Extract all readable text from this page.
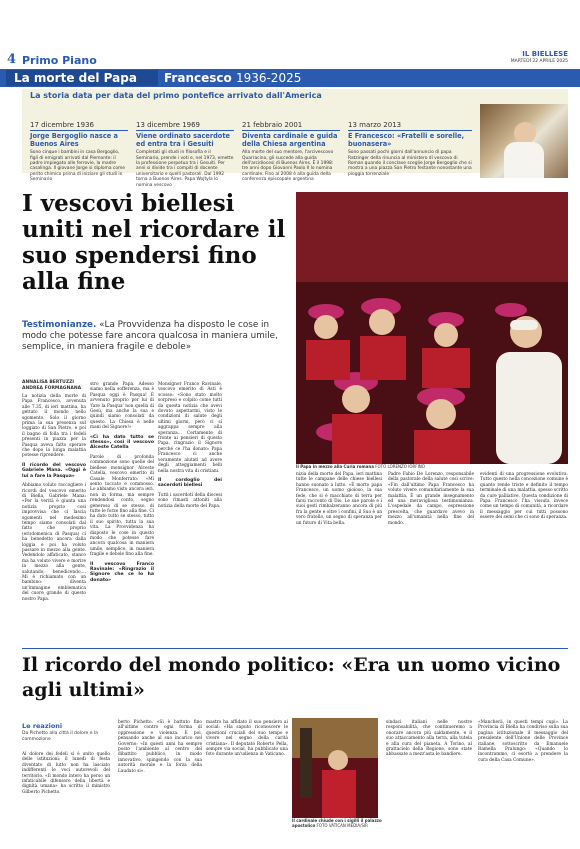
4 Primo Piano	IL BIELLESE
MARTEDÌ 22 APRILE 2025
La morte del Papa	Francesco 1936-2025
La storia data per data del primo pontefice arrivato dall'America
17 dicembre 1936
Jorge Bergoglio nasce a Buenos Aires
Sono cinque i bambini in casa Bergoglio, figli di emigrati arrivati dal Piemonte: il padre impiegato alle ferrovie, la madre casalinga. Il giovane Jorge si diploma come perito chimico prima di iniziare gli studi in Seminario
13 dicembre 1969
Viene ordinato sacerdote ed entra tra i Gesuiti
Completati gli studi in filosofia e il Seminario, prende i voti e, nel 1973, emette la professione perpetua tra i Gesuiti. Per anni si divide tra i compiti di docente universitario e quelli pastorali. Dal 1992 torna a Buenos Aires. Papa Wojtyla lo nomina vescovo
21 febbraio 2001
Diventa cardinale e guida della Chiesa argentina
Alla morte del suo mentore, l'arcivescovo Quarracino, gli succede alla guida dell'arcidiocesi di Buenos Aires. È il 1998: tre anni dopo Giovanni Paolo II lo nomina cardinale. Fino al 2008 è alla guida della conferenza episcopale argentina
13 marzo 2013
È Francesco: «Fratelli e sorelle, buonasera»
Sono passati pochi giorni dall'annuncio di papa Ratzinger della rinuncia al ministero di vescovo di Roman quando il conclave sceglie Jorge Bergoglio che si mostra a una piazza San Pietro festante nonostante una pioggia torrenziale
I vescovi biellesi uniti nel ricordare il suo spendersi fino alla fine
Il Papa in mezzo alla Curia romana FOTO LORENZO IORFINO
Testimonianze. «La Provvidenza ha disposto le cose in modo che potesse fare ancora qualcosa in maniera umile, semplice, in maniera fragile e debole»
ANNALISA BERTUZZI
ANDREA FORMAGNANA
La notizia della morte di Papa Francesco, avvenuta alle 7.35, di ieri mattina, ha gettato il mondo nello sgomento. Solo il giorno prima la sua presenza sul loggiato di San Pietro, e poi il bagno di folla tra i fedeli presenti in piazza per la Pasqua aveva fatto sperare che dopo la lunga malattia potesse riprendere.
Il ricordo del vescovo Gabriele Mana. «Oggi è lui a fare la Pasqua»
Abbiamo voluto raccogliere i ricordi del vescovo emerito di Biella, Gabriele Mana: «Per la verità è giunta una notizia proprio così improvvisa che ci lascia sgomenti nel medesimo tempo siamo consolati dal fatto che proprio (eri)domenica di Pasqua) ci ha benedetto ancora dalla loggia e poi ha voluto passare in mezzo alla gente. Vedendolo affaticato, stanco ma ha voluto vivere e morire in mezzo alla gente, salutando, benedicendo,... Mi è richiamato con un bambino: diventa un'immagine emblematica del cuore grande di questo nostro Papa.
stro grande Papa. Adesso siamo nella sofferenza, ma è Pasqua oggi è Pasqua! È avvenuto proprio per lui di 'fare la Pasqua' non quella di Gesù, ma anche la sua e quindi siamo consolati da questo. La Chiesa è nelle mani del Signore!»
«Ci ha dato tutto se stesso», così il vescovo Alceste Catella
Parole di profonda commozione sono quelle del biellese monsignor Alceste Catella, vescovo emerito di Casale Monferrato: «Mi sento toccato e commosso. Lo abbiamo visto ancora ieri, non in forma, ma sempre rendendosi conto, segno generoso di se stesso, di tutte le forze fino alla fine. Ci ha dato tutto se stesso, tutto il suo spirito, tutta la sua vita. La Provvidenza ha disposto le cose in questo modo che potesse fare ancora qualcosa in maniera umile, semplice, in maniera fragile e debole fino alla fine.
Il vescovo Franco Ravinale: «Ringrazio il Signore che ce lo ha donato»
Monsignor Franco Ravinale, vescovo emerito di Asti è scosso: «Sono stato molto sorpreso e colpito come tutti da questa notizia che avevi dovuto aspettarmi, visto le condizioni di salute degli ultimi giorni, però ci si aggrappa sempre alla speranza... Certamente di fronte ai pensieri di questo Papa, ringrazio il Signore perché ce l'ha donato: Papa Francesco ci anche veramente aiutati ad avere degli atteggiamenti belli nella nostra vita di cristiani.
Il cordoglio dei sacerdoti biellesi
Tutti i sacerdoti della diocesi sono rimasti attoniti alla notizia della morte del Papa.
nizia della morte del Papa, ieri mattina tutte le campane delle chiese biellesi hanno suonato a lutto. «È morto papa Francesco, un uomo gioioso, la sua fede, che si è macchiato di terra per farsi racconto di Dio. Le sue parole e i suoi gesti rimbalzeranno ancora di più fra la gente e oltre i confini, il Suo è un vero fratello, un segno di speranza per un futuro di Vita bella.
Padre Fabio De Lorenzo, responsabile della pastorale della salute così scrive: «Fin dall'ultimo Papa Francesco ha voluto vivere comunitariamente la sua malattia. È un grande insegnamento ed una meravigliosa testimonianza. L'ospedale da campo, espressione prescelta, che guardavo avevo in mezzo all'umanità nella fine del mondo.
evidenti di una progressione evolutiva. Tutto questo nella concezione comune è quanto rende triste e definito il tempo terminale di una malattia, spesso scritto da cure palliative. Questa condizione di Papa Francesco l'ha vissuta invece come un tempo di comunità, a ricordare il messaggio per cui tutti possono essere dei semi che ci sono di speranza.
Il ricordo del mondo politico: «Era un uomo vicino agli ultimi»
Le reazioni
Da Pichetto alla città il dolore e la commozione
Al dolore dei fedeli si è unito quello delle istituzioni: il lunedì di festa diventato di lutto non ha lasciato indifferenti le voci autorevoli del territorio. «Il mondo intero ha perso un infaticabile difensore della libertà e dignità umana» ha scritto il ministro Gilberto Pichetto.
berto Pichetto. «Si è battuto fino all'ultimo contro ogni forma di oppressione e violenza. E poi, pensando anche al suo incarico nel Governo: «In questi anni ha sempre posto l'ambiente al centro del dibattito pubblico, in modo innovativo, spingendo con la sua autorità morale e la forza della Laudato si».
mastro ha affidato il suo pensiero ai social: «Ha saputo riconoscere le questioni cruciali del suo tempo e vivere nel segno della carità cristiana». Il deputato Roberto Pella, sempre via social, ha pubblicato una foto durante un'udienza in Vaticano.
Il cardinale chiude con i sigilli il palazzo apostolico FOTO VATICAN MEDIA/SIR
sindaci italiani nelle nostre responsabilità, che continueremo a onorare ancora più saldamente, e il suo attaccamento alla terra, alla tutela e alla cura del pianeta. A Torino, al grattacielo della Regione, sono state abbassate a mezz'asta le bandiere.
«Mancherà, in questi tempi cupi». La Provincia di Biella ha condiviso sulla sua pagina istituzionale il messaggio del presidente dell'Unione delle Province italiane, sottoscritto da Emanuele Ramella Pralungo: «Quando lo incontrammo, ci esortò a prendere la cura della Casa Comune».
